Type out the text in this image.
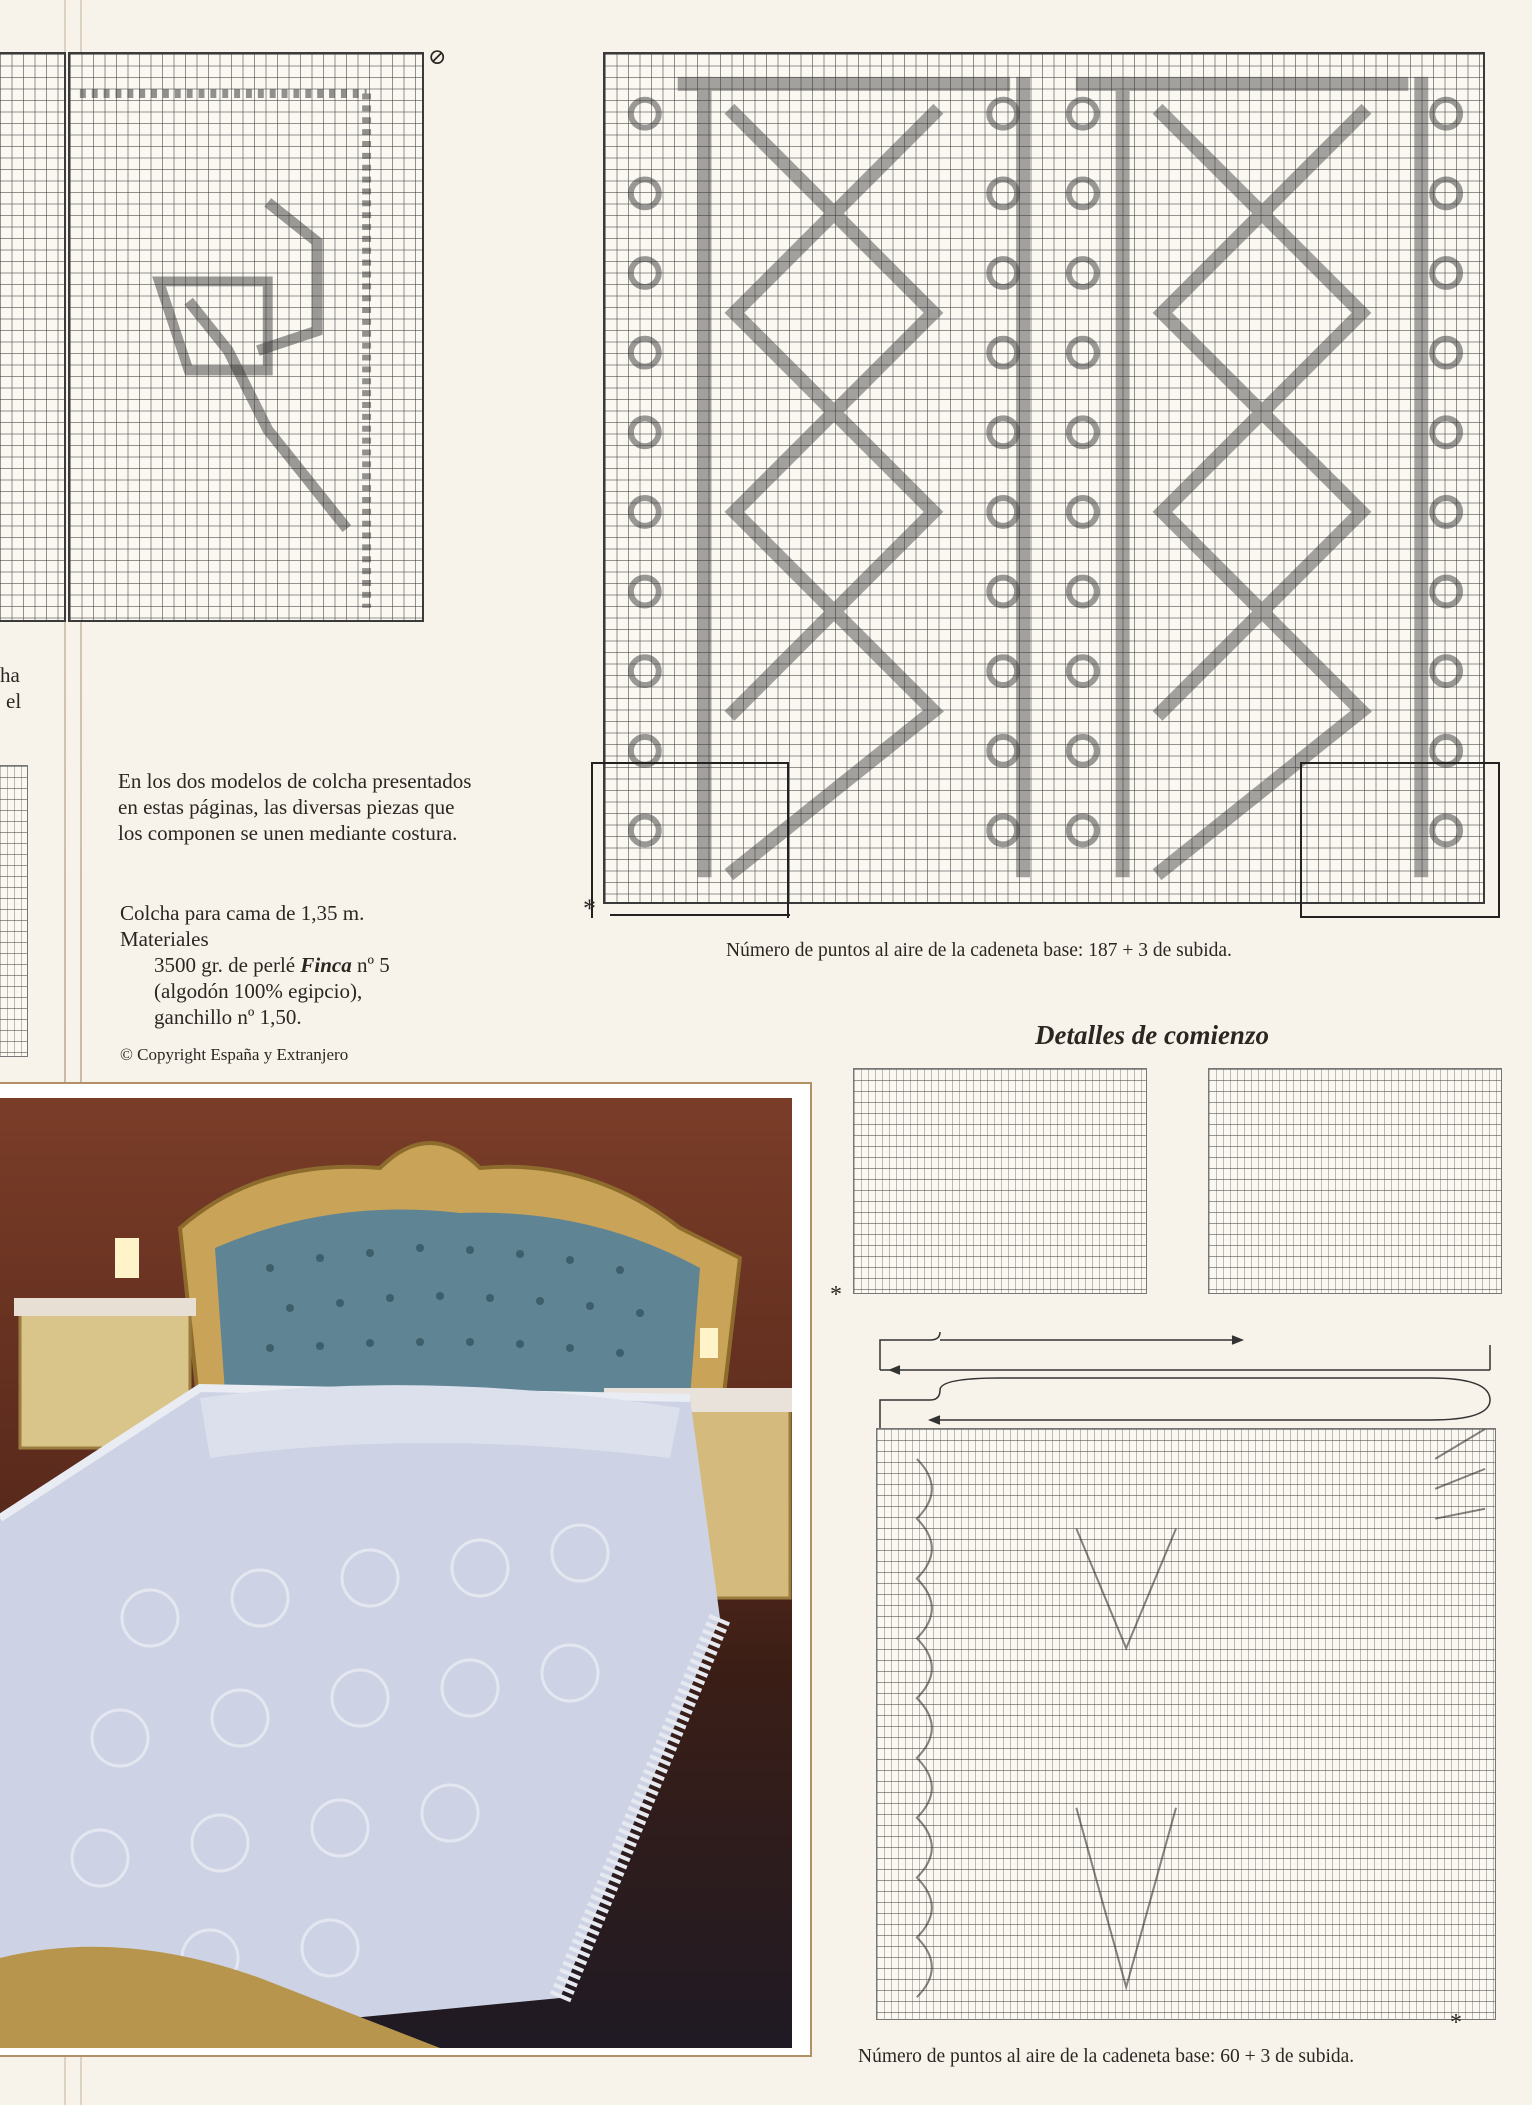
⊘
ha
el
*
En los dos modelos de colcha presentados
en estas páginas, las diversas piezas que
los componen se unen mediante costura.
Colcha para cama de 1,35 m.
Materiales
3500 gr. de perlé Finca nº 5
(algodón 100% egipcio),
ganchillo nº 1,50.
© Copyright España y Extranjero
Número de puntos al aire de la cadeneta base: 187 + 3 de subida.
Detalles de comienzo
*
*
Número de puntos al aire de la cadeneta base: 60 + 3 de subida.
